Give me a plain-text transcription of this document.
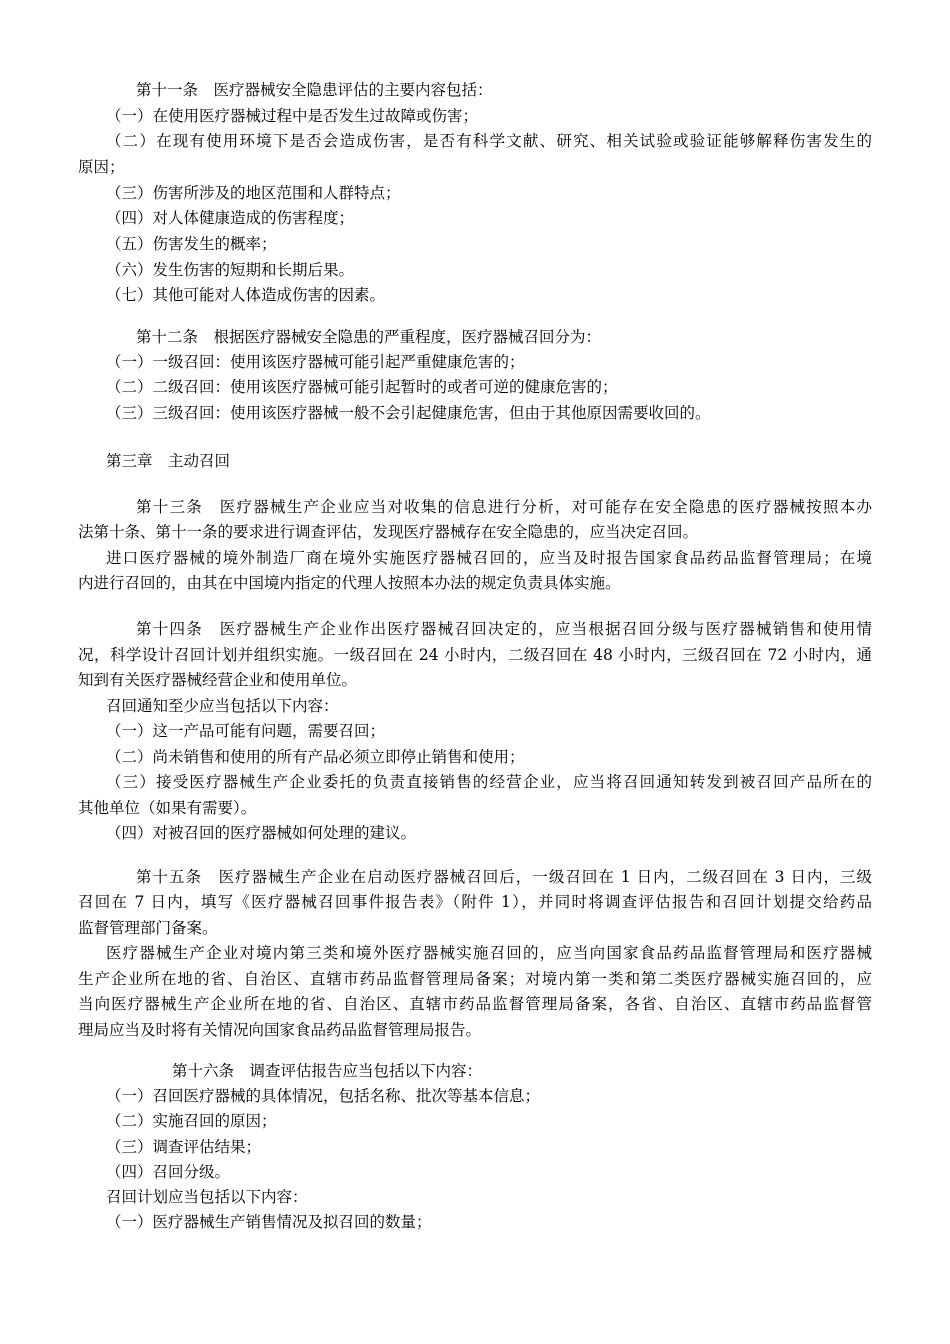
第十一条　医疗器械安全隐患评估的主要内容包括：
（一）在使用医疗器械过程中是否发生过故障或伤害；
（二）在现有使用环境下是否会造成伤害，是否有科学文献、研究、相关试验或验证能够解释伤害发生的
原因；
（三）伤害所涉及的地区范围和人群特点；
（四）对人体健康造成的伤害程度；
（五）伤害发生的概率；
（六）发生伤害的短期和长期后果。
（七）其他可能对人体造成伤害的因素。
第十二条　根据医疗器械安全隐患的严重程度，医疗器械召回分为：
（一）一级召回：使用该医疗器械可能引起严重健康危害的；
（二）二级召回：使用该医疗器械可能引起暂时的或者可逆的健康危害的；
（三）三级召回：使用该医疗器械一般不会引起健康危害，但由于其他原因需要收回的。
第三章　主动召回
第十三条　医疗器械生产企业应当对收集的信息进行分析，对可能存在安全隐患的医疗器械按照本办
法第十条、第十一条的要求进行调查评估，发现医疗器械存在安全隐患的，应当决定召回。
进口医疗器械的境外制造厂商在境外实施医疗器械召回的，应当及时报告国家食品药品监督管理局；在境
内进行召回的，由其在中国境内指定的代理人按照本办法的规定负责具体实施。
第十四条　医疗器械生产企业作出医疗器械召回决定的，应当根据召回分级与医疗器械销售和使用情
况，科学设计召回计划并组织实施。一级召回在 24 小时内，二级召回在 48 小时内，三级召回在 72 小时内，通
知到有关医疗器械经营企业和使用单位。
召回通知至少应当包括以下内容：
（一）这一产品可能有问题，需要召回；
（二）尚未销售和使用的所有产品必须立即停止销售和使用；
（三）接受医疗器械生产企业委托的负责直接销售的经营企业，应当将召回通知转发到被召回产品所在的
其他单位（如果有需要）。
（四）对被召回的医疗器械如何处理的建议。
第十五条　医疗器械生产企业在启动医疗器械召回后，一级召回在 1 日内，二级召回在 3 日内，三级
召回在 7 日内，填写《医疗器械召回事件报告表》（附件 1），并同时将调查评估报告和召回计划提交给药品
监督管理部门备案。
医疗器械生产企业对境内第三类和境外医疗器械实施召回的，应当向国家食品药品监督管理局和医疗器械
生产企业所在地的省、自治区、直辖市药品监督管理局备案；对境内第一类和第二类医疗器械实施召回的，应
当向医疗器械生产企业所在地的省、自治区、直辖市药品监督管理局备案，各省、自治区、直辖市药品监督管
理局应当及时将有关情况向国家食品药品监督管理局报告。
第十六条　调查评估报告应当包括以下内容：
（一）召回医疗器械的具体情况，包括名称、批次等基本信息；
（二）实施召回的原因；
（三）调查评估结果；
（四）召回分级。
召回计划应当包括以下内容：
（一）医疗器械生产销售情况及拟召回的数量；
